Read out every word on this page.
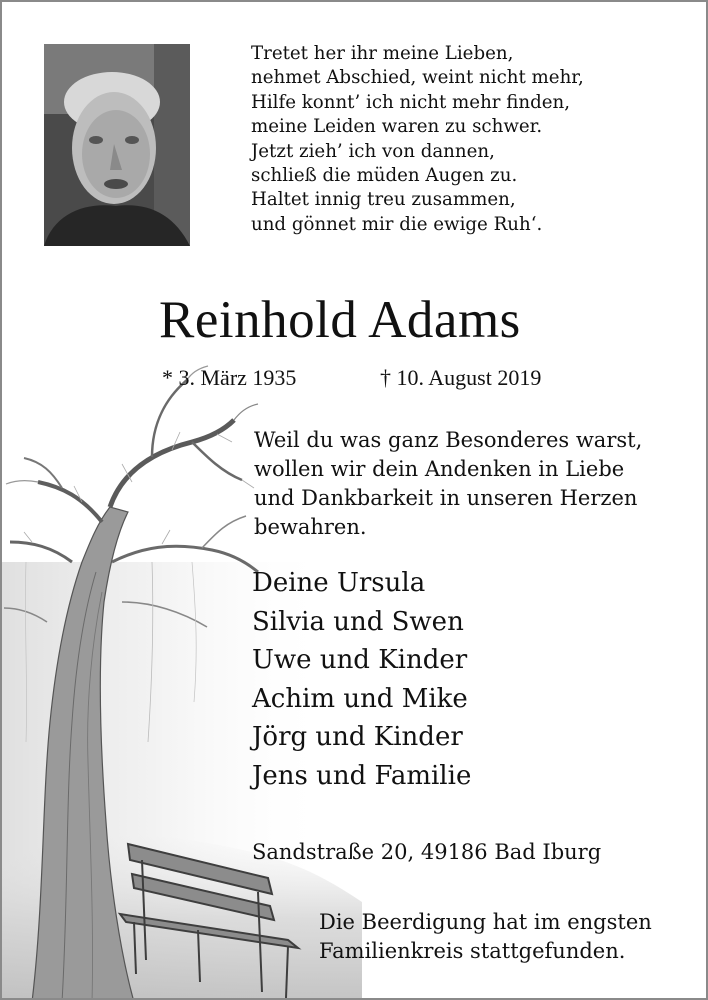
Tretet her ihr meine Lieben,
nehmet Abschied, weint nicht mehr,
Hilfe konnt’ ich nicht mehr finden,
meine Leiden waren zu schwer.
Jetzt zieh’ ich von dannen,
schließ die müden Augen zu.
Haltet innig treu zusammen,
und gönnet mir die ewige Ruh‘.
Reinhold Adams
* 3. März 1935	† 10. August 2019
Weil du was ganz Besonderes warst,
wollen wir dein Andenken in Liebe
und Dankbarkeit in unseren Herzen
bewahren.
Deine Ursula
Silvia und Swen
Uwe und Kinder
Achim und Mike
Jörg und Kinder
Jens und Familie
Sandstraße 20, 49186 Bad Iburg
Die Beerdigung hat im engsten
Familienkreis stattgefunden.
